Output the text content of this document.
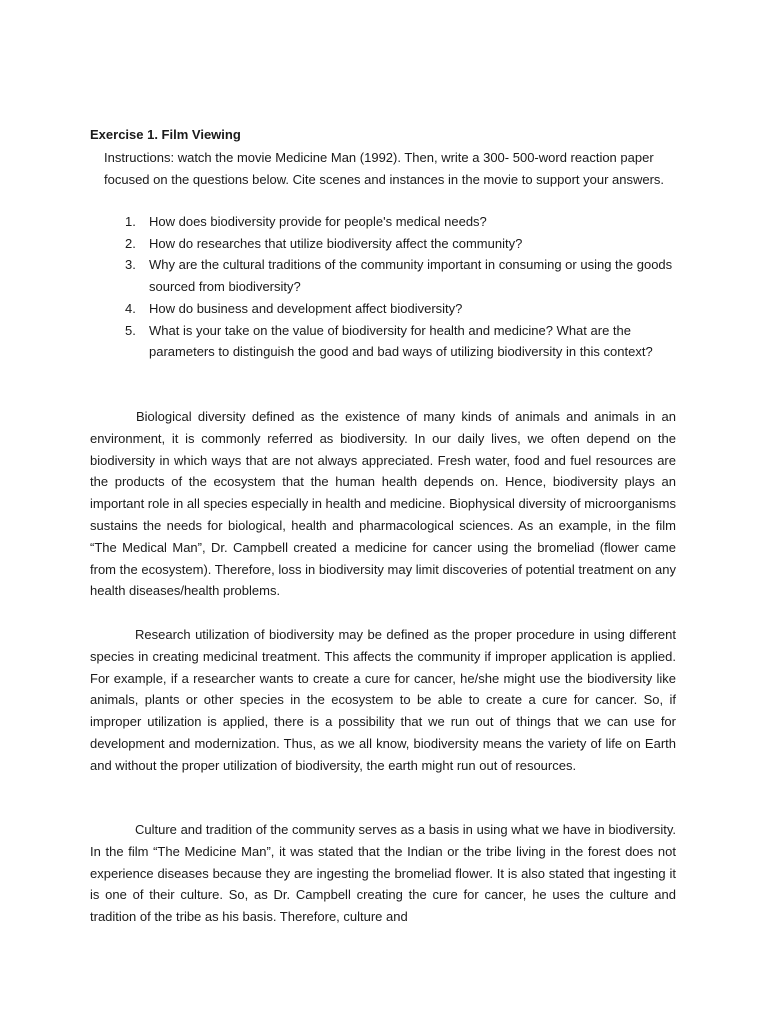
Exercise 1. Film Viewing
Instructions: watch the movie Medicine Man (1992). Then, write a 300- 500-word reaction paper focused on the questions below. Cite scenes and instances in the movie to support your answers.
1.	How does biodiversity provide for people's medical needs?
2.	How do researches that utilize biodiversity affect the community?
3.	Why are the cultural traditions of the community important in consuming or using the goods sourced from biodiversity?
4.	How do business and development affect biodiversity?
5.	What is your take on the value of biodiversity for health and medicine? What are the parameters to distinguish the good and bad ways of utilizing biodiversity in this context?

Biological diversity defined as the existence of many kinds of animals and animals in an environment, it is commonly referred as biodiversity. In our daily lives, we often depend on the biodiversity in which ways that are not always appreciated. Fresh water, food and fuel resources are the products of the ecosystem that the human health depends on. Hence, biodiversity plays an important role in all species especially in health and medicine. Biophysical diversity of microorganisms sustains the needs for biological, health and pharmacological sciences. As an example, in the film “The Medical Man”, Dr. Campbell created a medicine for cancer using the bromeliad (flower came from the ecosystem). Therefore, loss in biodiversity may limit discoveries of potential treatment on any health diseases/health problems.

Research utilization of biodiversity may be defined as the proper procedure in using different species in creating medicinal treatment. This affects the community if improper application is applied. For example, if a researcher wants to create a cure for cancer, he/she might use the biodiversity like animals, plants or other species in the ecosystem to be able to create a cure for cancer. So, if improper utilization is applied, there is a possibility that we run out of things that we can use for development and modernization. Thus, as we all know, biodiversity means the variety of life on Earth and without the proper utilization of biodiversity, the earth might run out of resources.

Culture and tradition of the community serves as a basis in using what we have in biodiversity. In the film “The Medicine Man”, it was stated that the Indian or the tribe living in the forest does not experience diseases because they are ingesting the bromeliad flower. It is also stated that ingesting it is one of their culture. So, as Dr. Campbell creating the cure for cancer, he uses the culture and tradition of the tribe as his basis. Therefore, culture and
